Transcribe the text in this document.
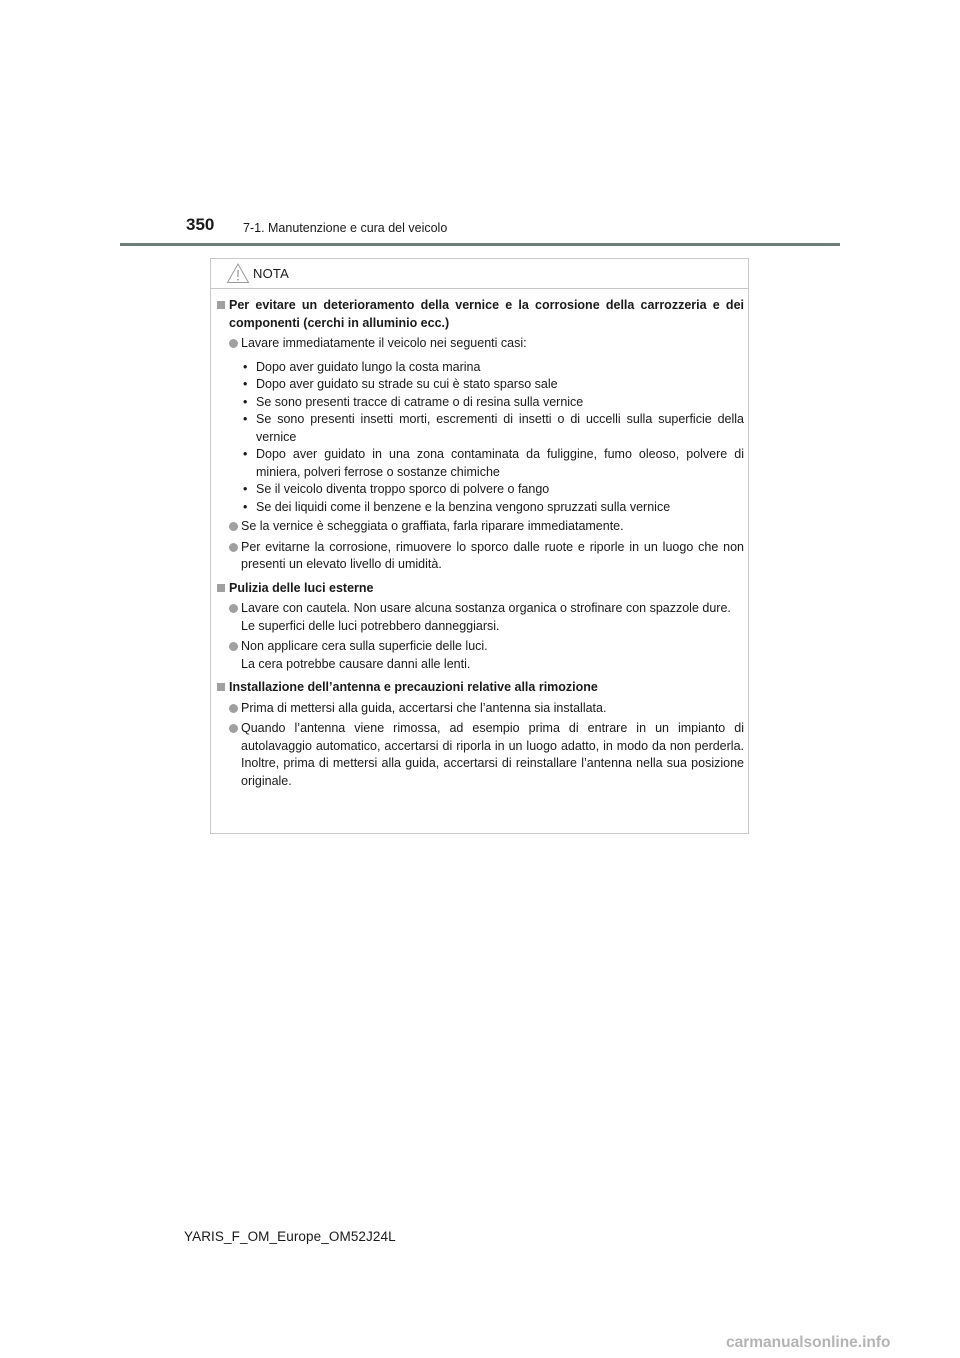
350 7-1. Manutenzione e cura del veicolo
NOTA
Per evitare un deterioramento della vernice e la corrosione della carrozzeria e dei componenti (cerchi in alluminio ecc.)
Lavare immediatamente il veicolo nei seguenti casi:
• Dopo aver guidato lungo la costa marina
• Dopo aver guidato su strade su cui è stato sparso sale
• Se sono presenti tracce di catrame o di resina sulla vernice
• Se sono presenti insetti morti, escrementi di insetti o di uccelli sulla superficie della vernice
• Dopo aver guidato in una zona contaminata da fuliggine, fumo oleoso, polvere di miniera, polveri ferrose o sostanze chimiche
• Se il veicolo diventa troppo sporco di polvere o fango
• Se dei liquidi come il benzene e la benzina vengono spruzzati sulla vernice
Se la vernice è scheggiata o graffiata, farla riparare immediatamente.
Per evitarne la corrosione, rimuovere lo sporco dalle ruote e riporle in un luogo che non presenti un elevato livello di umidità.
Pulizia delle luci esterne
Lavare con cautela. Non usare alcuna sostanza organica o strofinare con spazzole dure.
Le superfici delle luci potrebbero danneggiarsi.
Non applicare cera sulla superficie delle luci.
La cera potrebbe causare danni alle lenti.
Installazione dell’antenna e precauzioni relative alla rimozione
Prima di mettersi alla guida, accertarsi che l’antenna sia installata.
Quando l’antenna viene rimossa, ad esempio prima di entrare in un impianto di autolavaggio automatico, accertarsi di riporla in un luogo adatto, in modo da non perderla. Inoltre, prima di mettersi alla guida, accertarsi di reinstallare l’antenna nella sua posizione originale.
YARIS_F_OM_Europe_OM52J24L
carmanualsonline.info
